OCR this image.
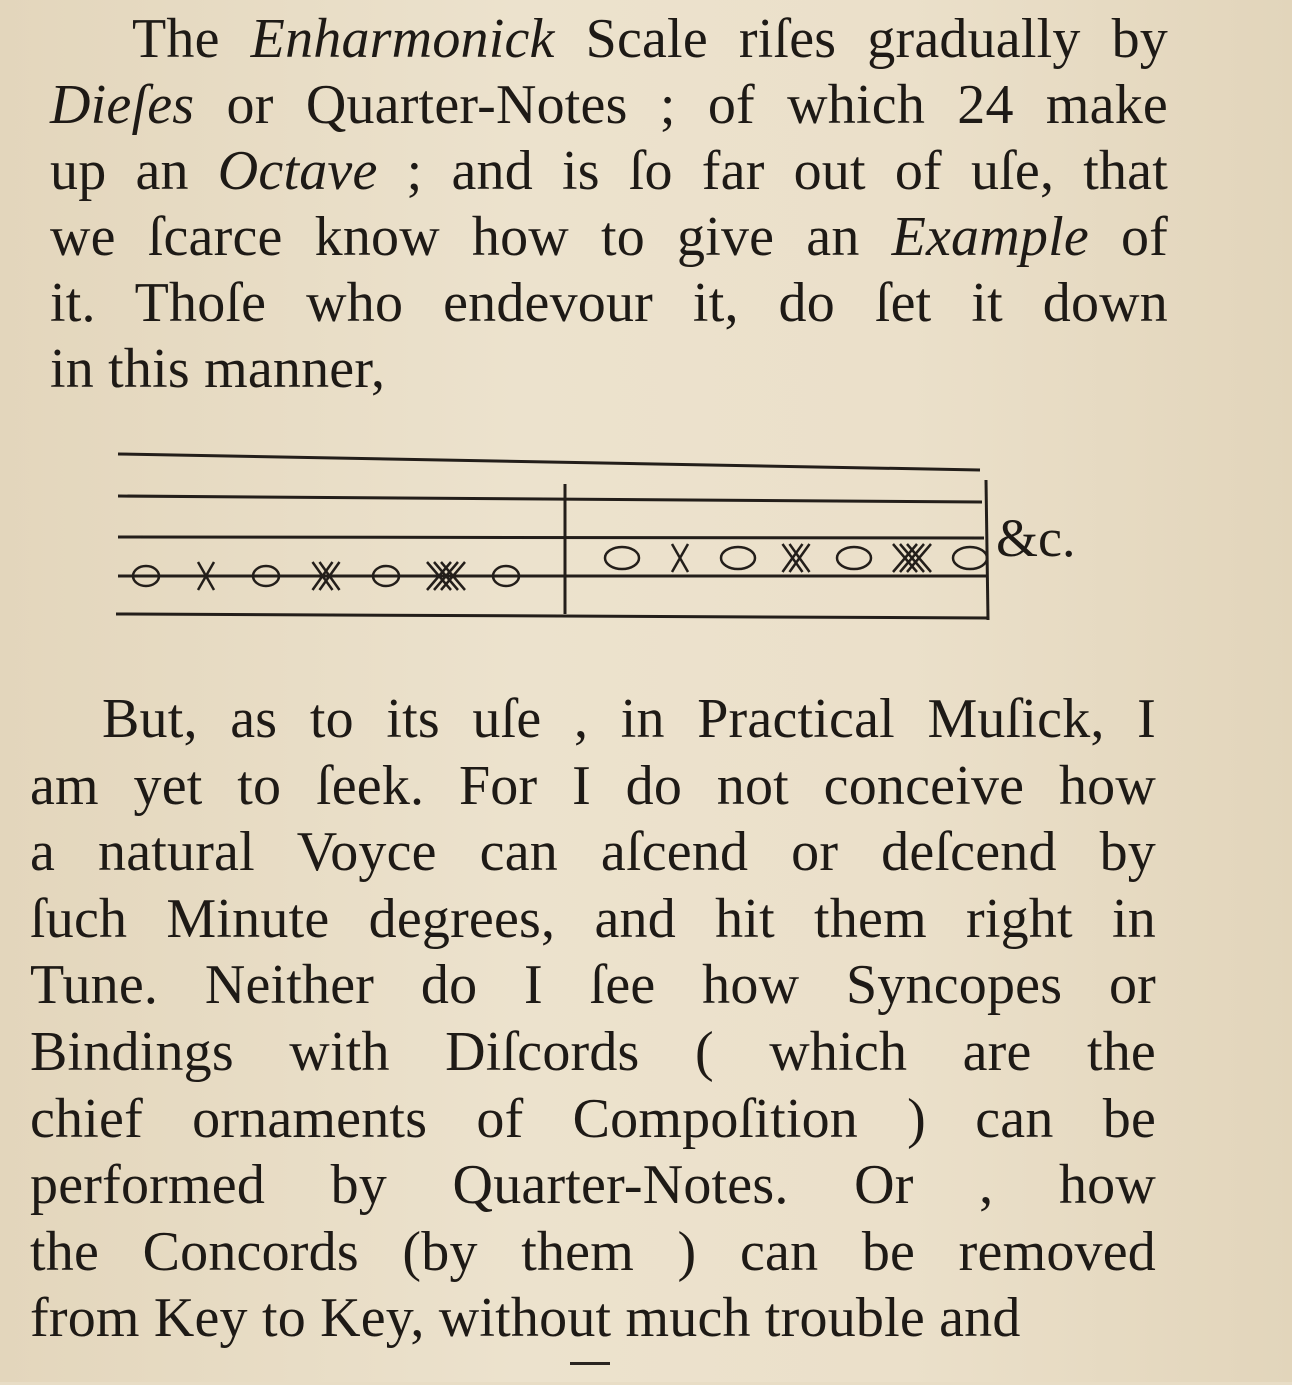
The Enharmonick Scale riſes gradually by
Dieſes or Quarter-Notes ; of which 24 make
up an Octave ; and is ſo far out of uſe, that
we ſcarce know how to give an Example of
it. Thoſe who endevour it, do ſet it down
in this manner,
&c.
But, as to its uſe , in Practical Muſick, I
am yet to ſeek. For I do not conceive how
a natural Voyce can aſcend or deſcend by
ſuch Minute degrees, and hit them right in
Tune. Neither do I ſee how Syncopes or
Bindings with Diſcords ( which are the
chief ornaments of Compoſition ) can be
performed by Quarter-Notes. Or , how
the Concords (by them ) can be removed
from Key to Key, without much trouble and
